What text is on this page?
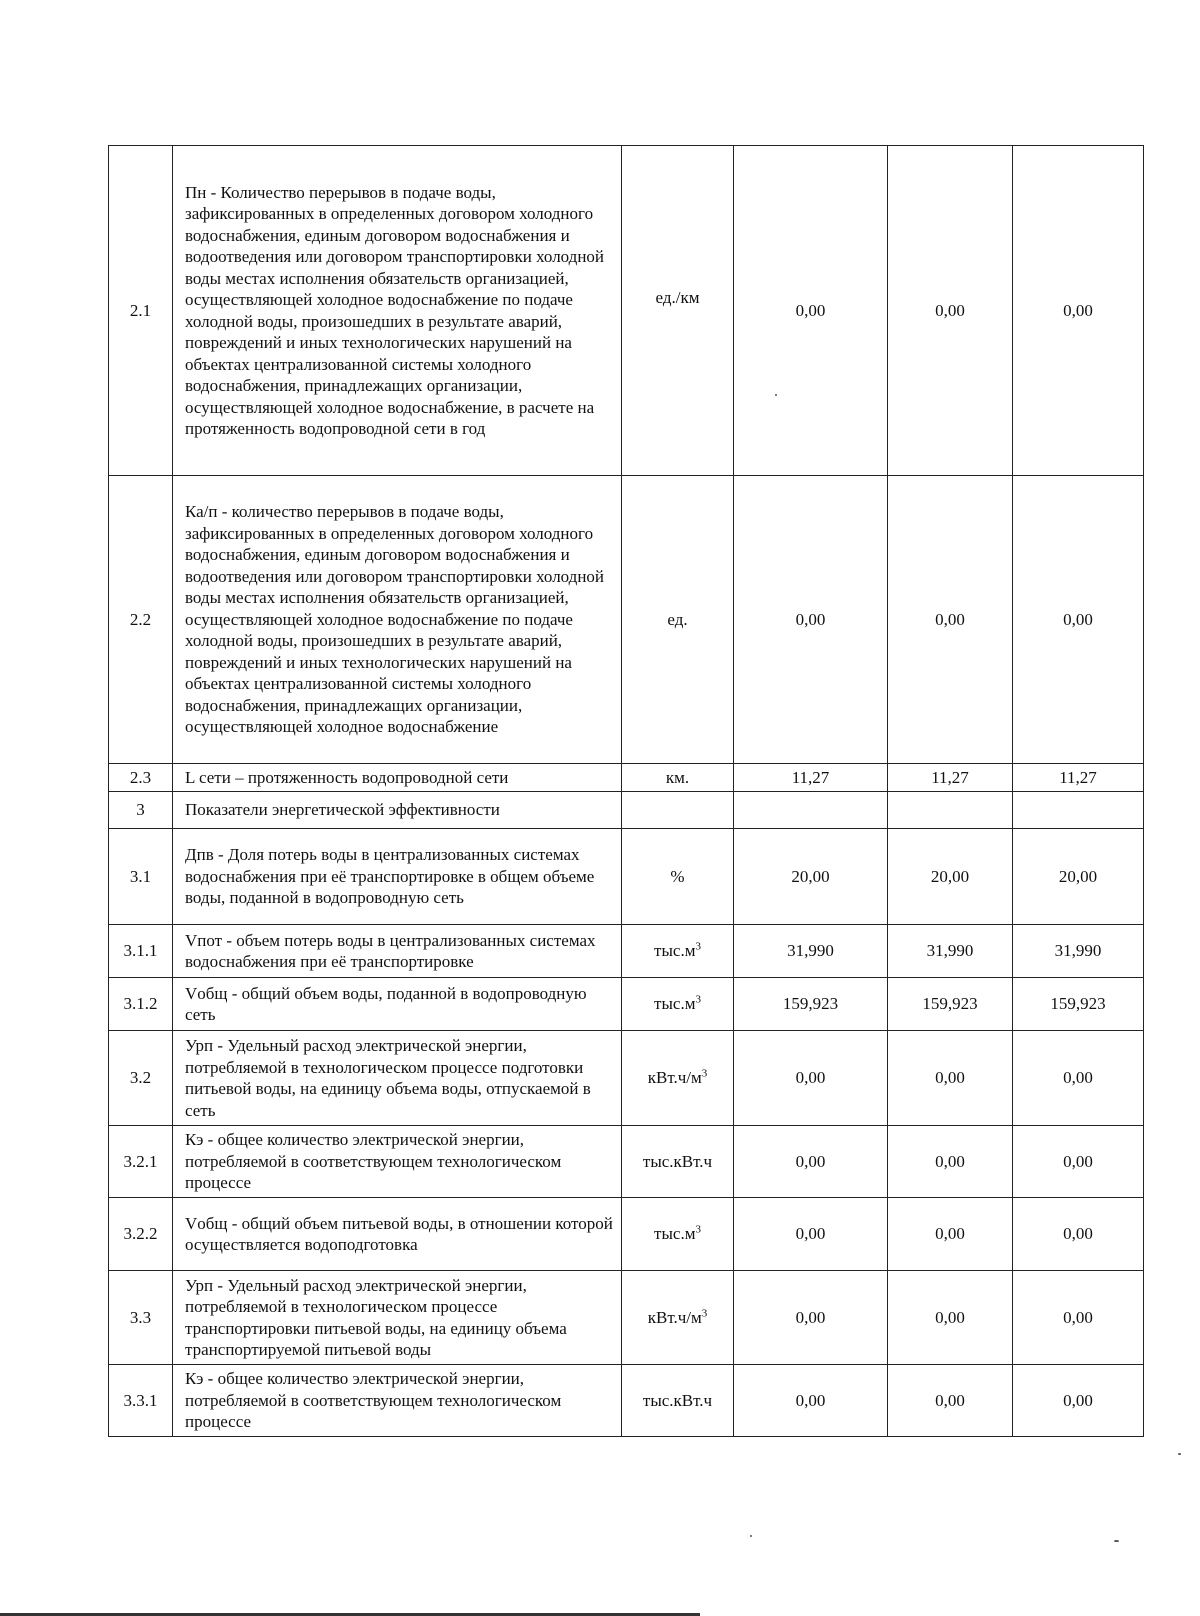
2.1	Пн - Количество перерывов в подаче воды, зафиксированных в определенных договором холодного водоснабжения, единым договором водоснабжения и водоотведения или договором транспортировки холодной воды местах исполнения обязательств организацией, осуществляющей холодное водоснабжение по подаче холодной воды, произошедших в результате аварий, повреждений и иных технологических нарушений на объектах централизованной системы холодного водоснабжения, принадлежащих организации, осуществляющей холодное водоснабжение, в расчете на протяженность водопроводной сети в год	ед./км	0,00	0,00	0,00
2.2	Ка/п - количество перерывов в подаче воды, зафиксированных в определенных договором холодного водоснабжения, единым договором водоснабжения и водоотведения или договором транспортировки холодной воды местах исполнения обязательств организацией, осуществляющей холодное водоснабжение по подаче холодной воды, произошедших в результате аварий, повреждений и иных технологических нарушений на объектах централизованной системы холодного водоснабжения, принадлежащих организации, осуществляющей холодное водоснабжение	ед.	0,00	0,00	0,00
2.3	L сети – протяженность водопроводной сети	км.	11,27	11,27	11,27
3	Показатели энергетической эффективности				
3.1	Дпв - Доля потерь воды в централизованных системах водоснабжения при её транспортировке в общем объеме воды, поданной в водопроводную сеть	%	20,00	20,00	20,00
3.1.1	Vпот - объем потерь воды в централизованных системах водоснабжения при её транспортировке	$тыс.м^3$	31,990	31,990	31,990
3.1.2	Vобщ - общий объем воды, поданной в водопроводную сеть	$тыс.м^3$	159,923	159,923	159,923
3.2	Урп - Удельный расход электрической энергии, потребляемой в технологическом процессе подготовки питьевой воды, на единицу объема воды, отпускаемой в сеть	$кВт.ч/м^3$	0,00	0,00	0,00
3.2.1	Кэ - общее количество электрической энергии, потребляемой в соответствующем технологическом процессе	тыс.кВт.ч	0,00	0,00	0,00
3.2.2	Vобщ - общий объем питьевой воды, в отношении которой осуществляется водоподготовка	$тыс.м^3$	0,00	0,00	0,00
3.3	Урп - Удельный расход электрической энергии, потребляемой в технологическом процессе транспортировки питьевой воды, на единицу объема транспортируемой питьевой воды	$кВт.ч/м^3$	0,00	0,00	0,00
3.3.1	Кэ - общее количество электрической энергии, потребляемой в соответствующем технологическом процессе	тыс.кВт.ч	0,00	0,00	0,00
